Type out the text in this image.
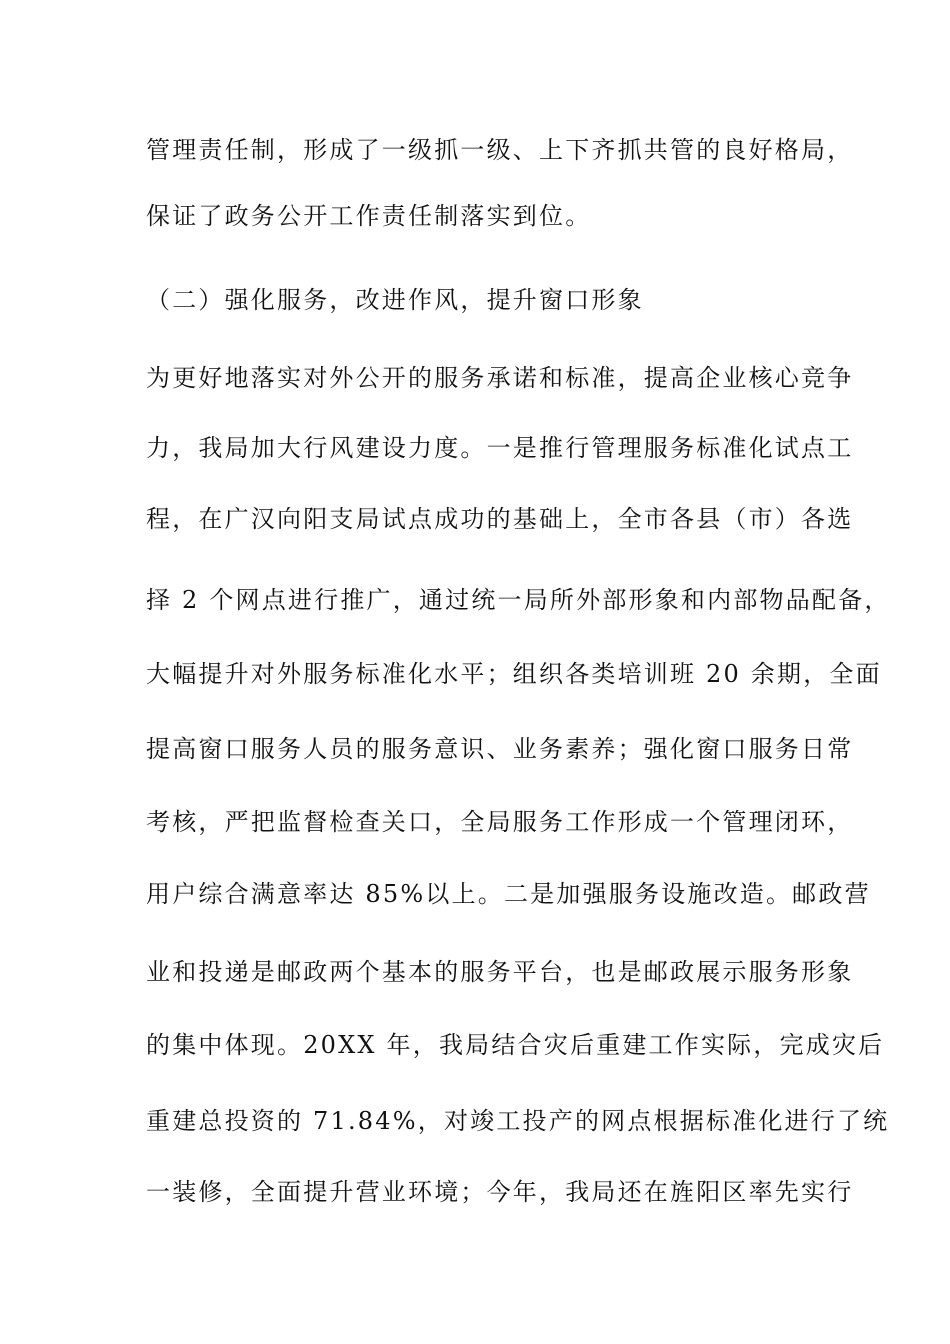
管理责任制，形成了一级抓一级、上下齐抓共管的良好格局，
保证了政务公开工作责任制落实到位。
（二）强化服务，改进作风，提升窗口形象
为更好地落实对外公开的服务承诺和标准，提高企业核心竞争
力，我局加大行风建设力度。一是推行管理服务标准化试点工
程，在广汉向阳支局试点成功的基础上，全市各县（市）各选
择 2 个网点进行推广，通过统一局所外部形象和内部物品配备，
大幅提升对外服务标准化水平；组织各类培训班 20 余期，全面
提高窗口服务人员的服务意识、业务素养；强化窗口服务日常
考核，严把监督检查关口，全局服务工作形成一个管理闭环，
用户综合满意率达 85%以上。二是加强服务设施改造。邮政营
业和投递是邮政两个基本的服务平台，也是邮政展示服务形象
的集中体现。20XX 年，我局结合灾后重建工作实际，完成灾后
重建总投资的 71.84%，对竣工投产的网点根据标准化进行了统
一装修，全面提升营业环境；今年，我局还在旌阳区率先实行
